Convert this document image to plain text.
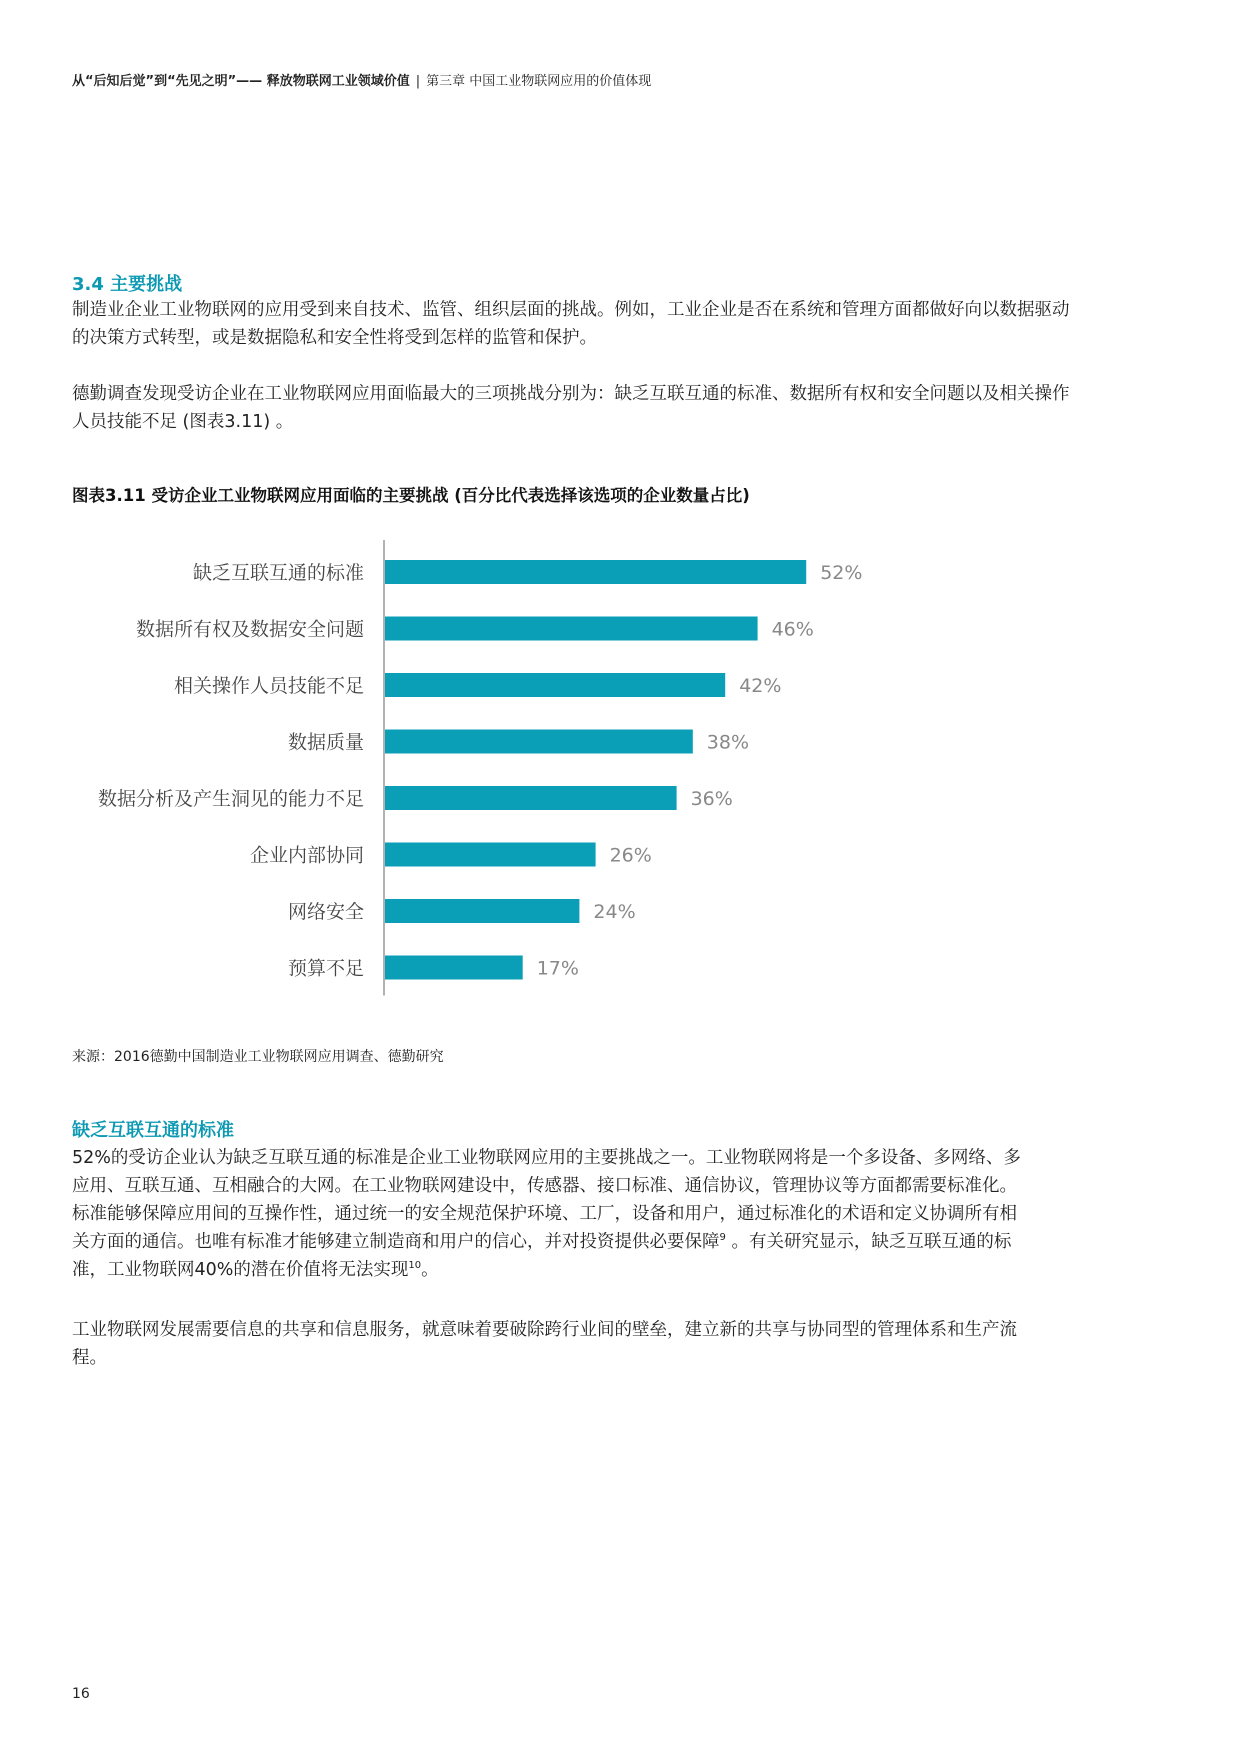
从“后知后觉”到“先见之明”—— 释放物联网工业领域价值 | 第三章 中国工业物联网应用的价值体现
3.4 主要挑战
制造业企业工业物联网的应用受到来自技术、监管、组织层面的挑战。例如，工业企业是否在系统和管理方面都做好向以数据驱动的决策方式转型，或是数据隐私和安全性将受到怎样的监管和保护。
德勤调查发现受访企业在工业物联网应用面临最大的三项挑战分别为：缺乏互联互通的标准、数据所有权和安全问题以及相关操作人员技能不足 (图表3.11) 。
图表3.11 受访企业工业物联网应用面临的主要挑战 (百分比代表选择该选项的企业数量占比)
缺乏互联互通的标准	52%
数据所有权及数据安全问题	46%
相关操作人员技能不足	42%
数据质量	38%
数据分析及产生洞见的能力不足	36%
企业内部协同	26%
网络安全	24%
预算不足	17%
来源：2016德勤中国制造业工业物联网应用调查、德勤研究
缺乏互联互通的标准
52%的受访企业认为缺乏互联互通的标准是企业工业物联网应用的主要挑战之一。工业物联网将是一个多设备、多网络、多应用、互联互通、互相融合的大网。在工业物联网建设中，传感器、接口标准、通信协议，管理协议等方面都需要标准化。标准能够保障应用间的互操作性，通过统一的安全规范保护环境、工厂，设备和用户，通过标准化的术语和定义协调所有相关方面的通信。也唯有标准才能够建立制造商和用户的信心，并对投资提供必要保障$^9$ 。有关研究显示，缺乏互联互通的标准，工业物联网40%的潜在价值将无法实现$^{10}$。
工业物联网发展需要信息的共享和信息服务，就意味着要破除跨行业间的壁垒，建立新的共享与协同型的管理体系和生产流程。
16
